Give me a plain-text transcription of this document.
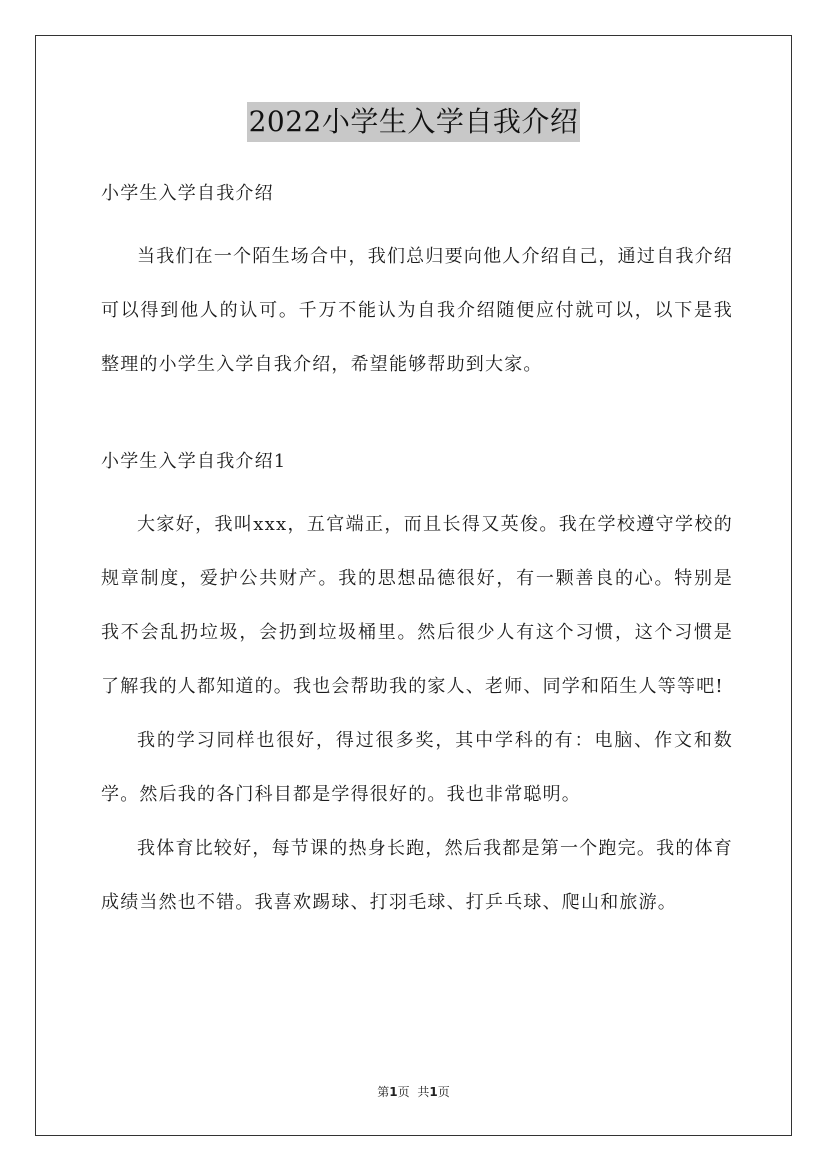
2022小学生入学自我介绍

小学生入学自我介绍

当我们在一个陌生场合中，我们总归要向他人介绍自己，通过自我介绍可以得到他人的认可。千万不能认为自我介绍随便应付就可以，以下是我整理的小学生入学自我介绍，希望能够帮助到大家。

小学生入学自我介绍1

大家好，我叫xxx，五官端正，而且长得又英俊。我在学校遵守学校的规章制度，爱护公共财产。我的思想品德很好，有一颗善良的心。特别是我不会乱扔垃圾，会扔到垃圾桶里。然后很少人有这个习惯，这个习惯是了解我的人都知道的。我也会帮助我的家人、老师、同学和陌生人等等吧!

我的学习同样也很好，得过很多奖，其中学科的有：电脑、作文和数学。然后我的各门科目都是学得很好的。我也非常聪明。

我体育比较好，每节课的热身长跑，然后我都是第一个跑完。我的体育成绩当然也不错。我喜欢踢球、打羽毛球、打乒乓球、爬山和旅游。

第1页 共1页
